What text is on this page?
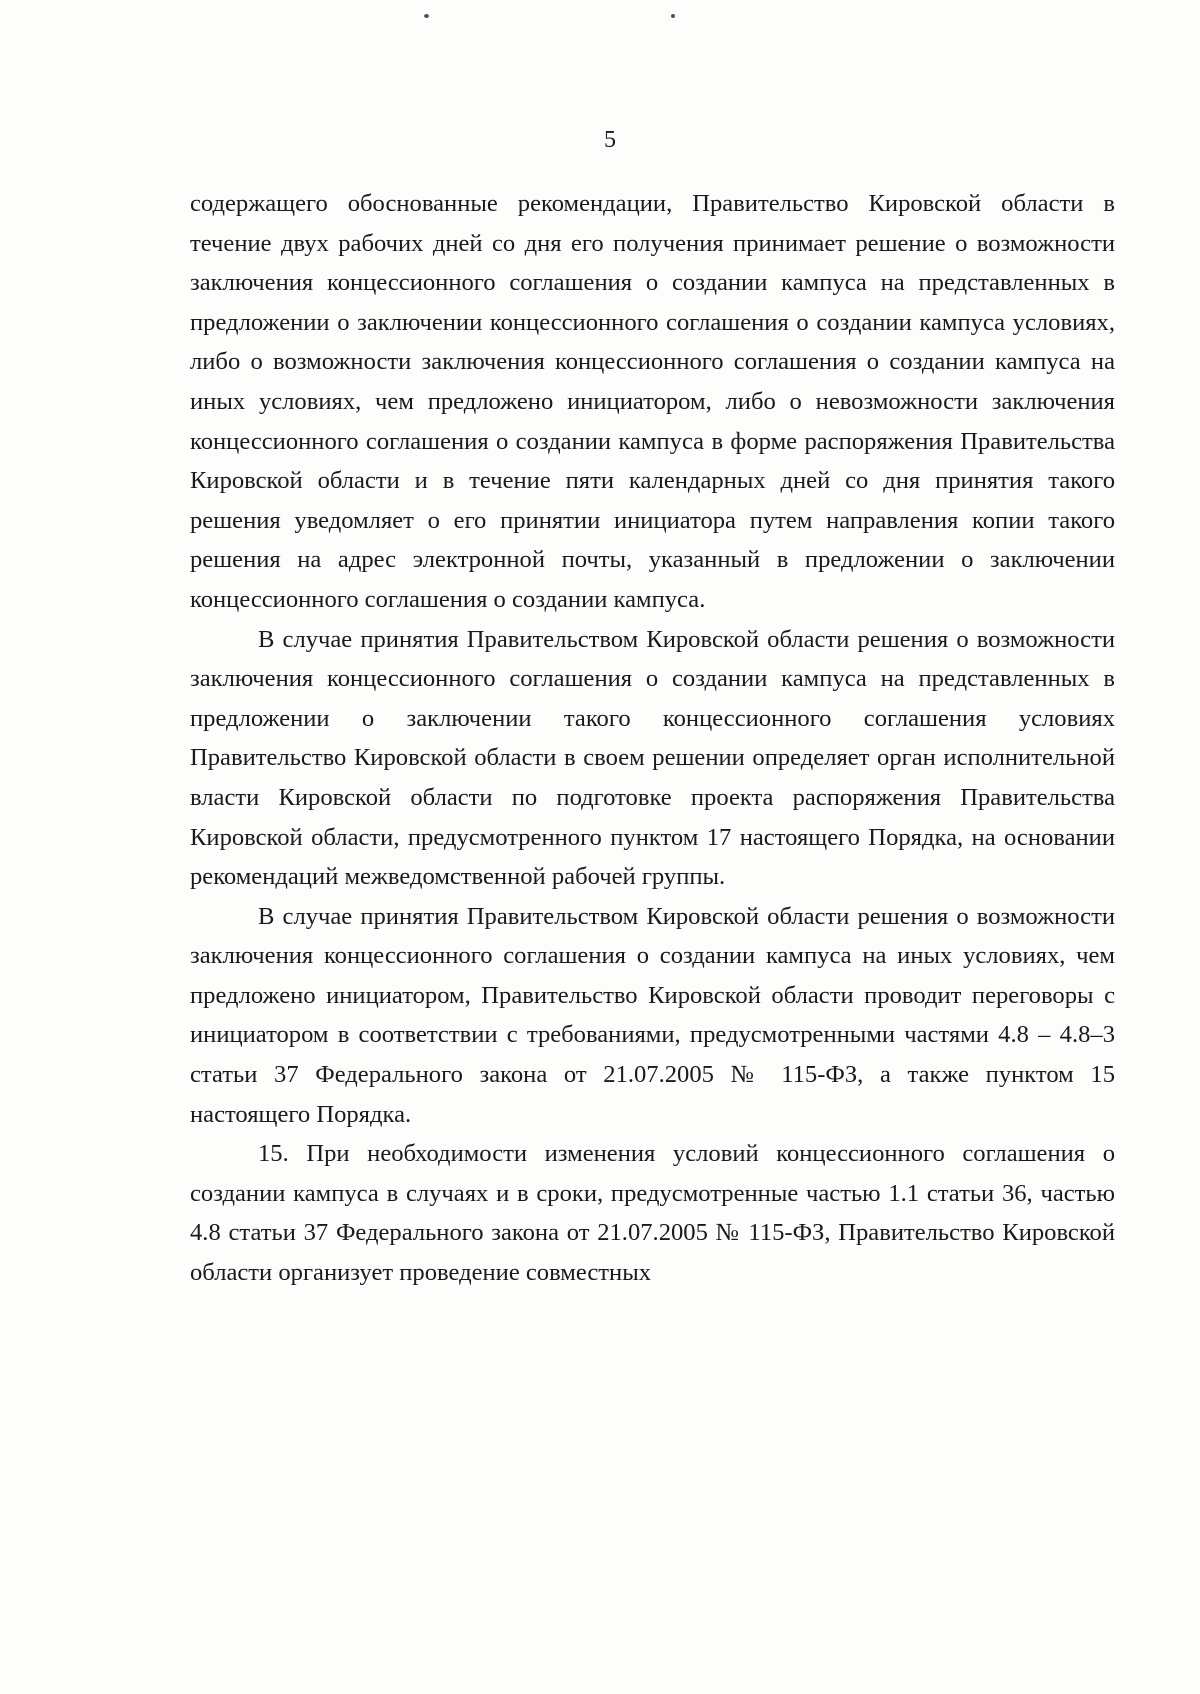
5

содержащего обоснованные рекомендации, Правительство Кировской области в течение двух рабочих дней со дня его получения принимает решение о возможности заключения концессионного соглашения о создании кампуса на представленных в предложении о заключении концессионного соглашения о создании кампуса условиях, либо о возможности заключения концессионного соглашения о создании кампуса на иных условиях, чем предложено инициатором, либо о невозможности заключения концессионного соглашения о создании кампуса в форме распоряжения Правительства Кировской области и в течение пяти календарных дней со дня принятия такого решения уведомляет о его принятии инициатора путем направления копии такого решения на адрес электронной почты, указанный в предложении о заключении концессионного соглашения о создании кампуса.

В случае принятия Правительством Кировской области решения о возможности заключения концессионного соглашения о создании кампуса на представленных в предложении о заключении такого концессионного соглашения условиях Правительство Кировской области в своем решении определяет орган исполнительной власти Кировской области по подготовке проекта распоряжения Правительства Кировской области, предусмотренного пунктом 17 настоящего Порядка, на основании рекомендаций межведомственной рабочей группы.

В случае принятия Правительством Кировской области решения о возможности заключения концессионного соглашения о создании кампуса на иных условиях, чем предложено инициатором, Правительство Кировской области проводит переговоры с инициатором в соответствии с требованиями, предусмотренными частями 4.8 – 4.8–3 статьи 37 Федерального закона от 21.07.2005 № 115-ФЗ, а также пунктом 15 настоящего Порядка.

15. При необходимости изменения условий концессионного соглашения о создании кампуса в случаях и в сроки, предусмотренные частью 1.1 статьи 36, частью 4.8 статьи 37 Федерального закона от 21.07.2005 № 115-ФЗ, Правительство Кировской области организует проведение совместных
